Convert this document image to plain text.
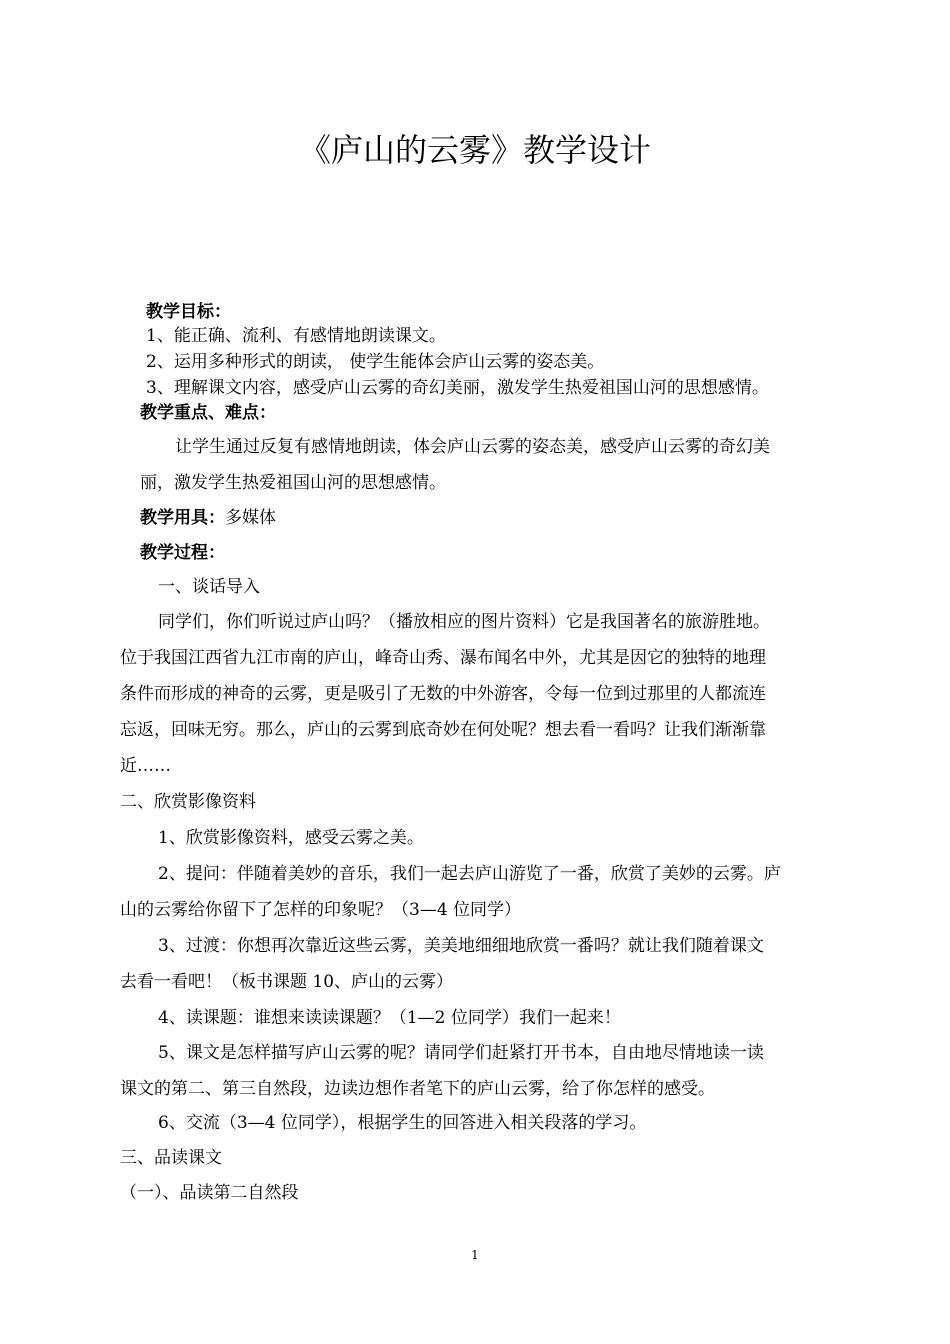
《庐山的云雾》教学设计
教学目标：
1、能正确、流利、有感情地朗读课文。
2、运用多种形式的朗读， 使学生能体会庐山云雾的姿态美。
3、理解课文内容，感受庐山云雾的奇幻美丽，激发学生热爱祖国山河的思想感情。
教学重点、难点：
让学生通过反复有感情地朗读，体会庐山云雾的姿态美，感受庐山云雾的奇幻美
丽，激发学生热爱祖国山河的思想感情。
教学用具：多媒体
教学过程：
一、谈话导入
同学们，你们听说过庐山吗？（播放相应的图片资料）它是我国著名的旅游胜地。
位于我国江西省九江市南的庐山，峰奇山秀、瀑布闻名中外，尤其是因它的独特的地理
条件而形成的神奇的云雾，更是吸引了无数的中外游客，令每一位到过那里的人都流连
忘返，回味无穷。那么，庐山的云雾到底奇妙在何处呢？想去看一看吗？让我们渐渐靠
近……
二、欣赏影像资料
1、欣赏影像资料，感受云雾之美。
2、提问：伴随着美妙的音乐，我们一起去庐山游览了一番，欣赏了美妙的云雾。庐
山的云雾给你留下了怎样的印象呢？（3—4 位同学）
3、过渡：你想再次靠近这些云雾，美美地细细地欣赏一番吗？就让我们随着课文
去看一看吧！（板书课题 10、庐山的云雾）
4、读课题：谁想来读读课题？（1—2 位同学）我们一起来！
5、课文是怎样描写庐山云雾的呢？请同学们赶紧打开书本，自由地尽情地读一读
课文的第二、第三自然段，边读边想作者笔下的庐山云雾，给了你怎样的感受。
6、交流（3—4 位同学），根据学生的回答进入相关段落的学习。
三、品读课文
（一）、品读第二自然段
1
